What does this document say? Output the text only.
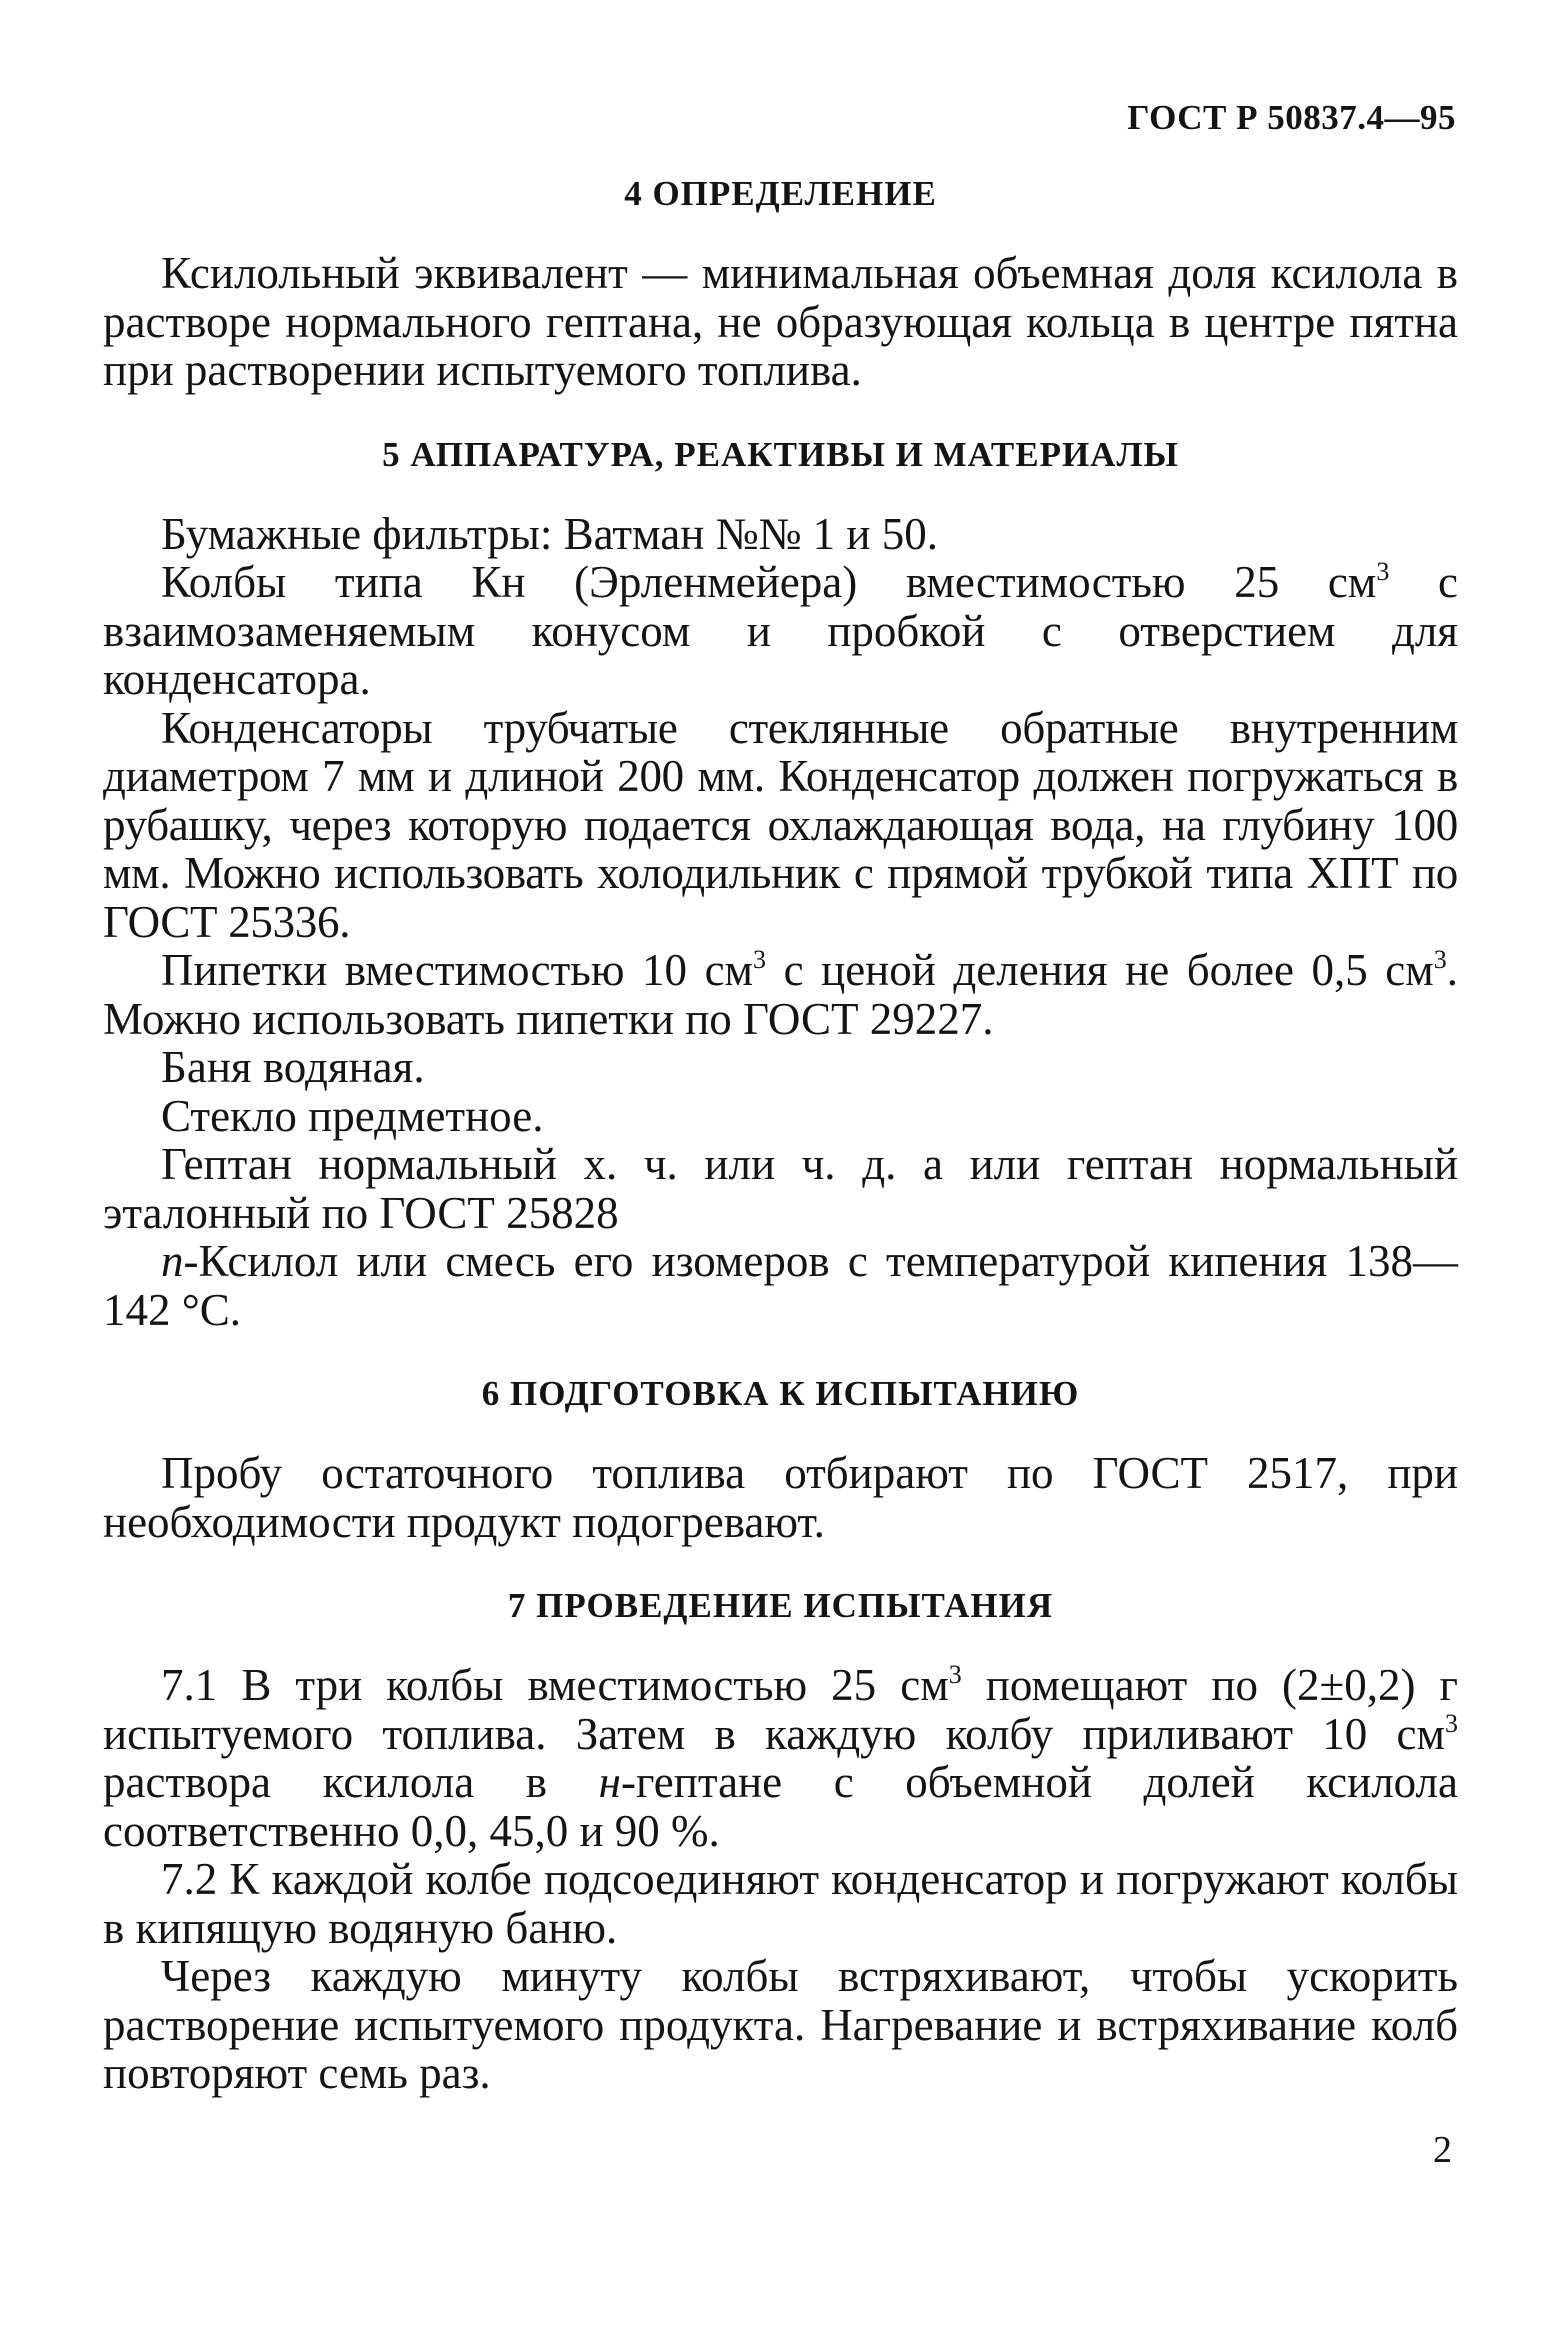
ГОСТ Р 50837.4—95
4 ОПРЕДЕЛЕНИЕ

Ксилольный эквивалент — минимальная объемная доля ксилола в растворе нормального гептана, не образующая кольца в центре пятна при растворении испытуемого топлива.

5 АППАРАТУРА, РЕАКТИВЫ И МАТЕРИАЛЫ

Бумажные фильтры: Ватман №№ 1 и 50.

Колбы типа Кн (Эрленмейера) вместимостью 25 $см^3$ с взаимозаменяемым конусом и пробкой с отверстием для конденсатора.

Конденсаторы трубчатые стеклянные обратные внутренним диаметром 7 мм и длиной 200 мм. Конденсатор должен погружаться в рубашку, через которую подается охлаждающая вода, на глубину 100 мм. Можно использовать холодильник с прямой трубкой типа ХПТ по ГОСТ 25336.

Пипетки вместимостью 10 $см^3$ с ценой деления не более 0,5 $см^3$. Можно использовать пипетки по ГОСТ 29227.

Баня водяная.

Стекло предметное.

Гептан нормальный х. ч. или ч. д. а или гептан нормальный эталонный по ГОСТ 25828

n-Ксилол или смесь его изомеров с температурой кипения 138—142 °С.

6 ПОДГОТОВКА К ИСПЫТАНИЮ

Пробу остаточного топлива отбирают по ГОСТ 2517, при необходимости продукт подогревают.

7 ПРОВЕДЕНИЕ ИСПЫТАНИЯ

7.1 В три колбы вместимостью 25 $см^3$ помещают по (2±0,2) г испытуемого топлива. Затем в каждую колбу приливают 10 $см^3$ раствора ксилола в н-гептане с объемной долей ксилола соответственно 0,0, 45,0 и 90 %.

7.2 К каждой колбе подсоединяют конденсатор и погружают колбы в кипящую водяную баню.

Через каждую минуту колбы встряхивают, чтобы ускорить растворение испытуемого продукта. Нагревание и встряхивание колб повторяют семь раз.

2
